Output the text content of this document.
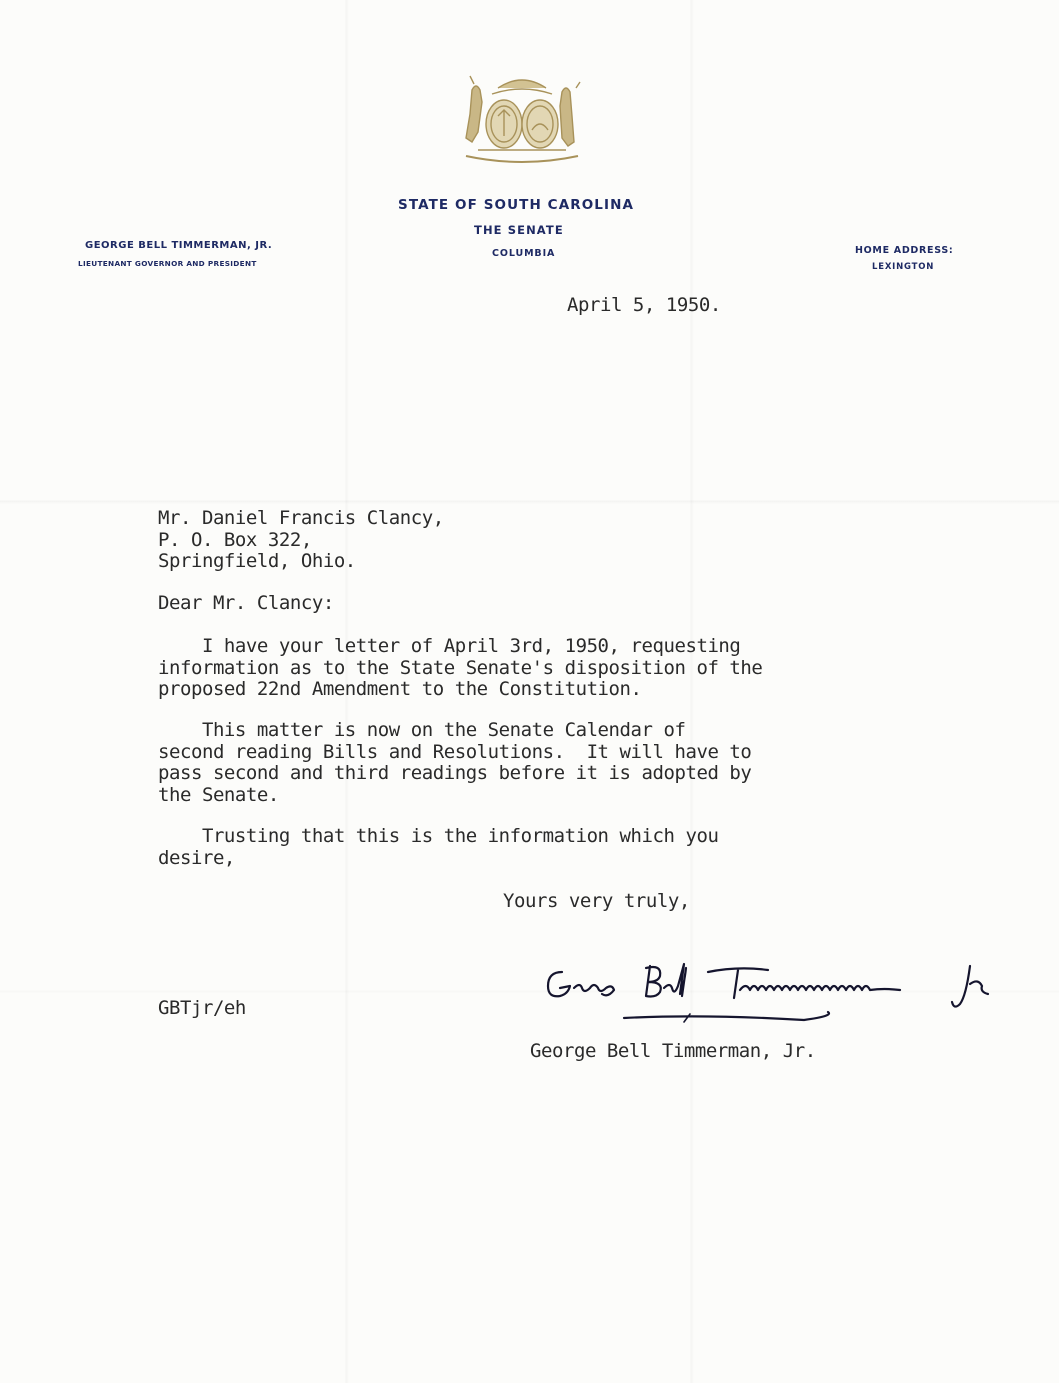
STATE OF SOUTH CAROLINA
THE SENATE
COLUMBIA
GEORGE BELL TIMMERMAN, JR.
LIEUTENANT GOVERNOR AND PRESIDENT
HOME ADDRESS:
LEXINGTON
April 5, 1950.
Mr. Daniel Francis Clancy,
P. O. Box 322,
Springfield, Ohio.
Dear Mr. Clancy:
I have your letter of April 3rd, 1950, requesting
information as to the State Senate's disposition of the
proposed 22nd Amendment to the Constitution.
This matter is now on the Senate Calendar of
second reading Bills and Resolutions.  It will have to
pass second and third readings before it is adopted by
the Senate.
Trusting that this is the information which you
desire,
Yours very truly,
GBTjr/eh
George Bell Timmerman, Jr.
